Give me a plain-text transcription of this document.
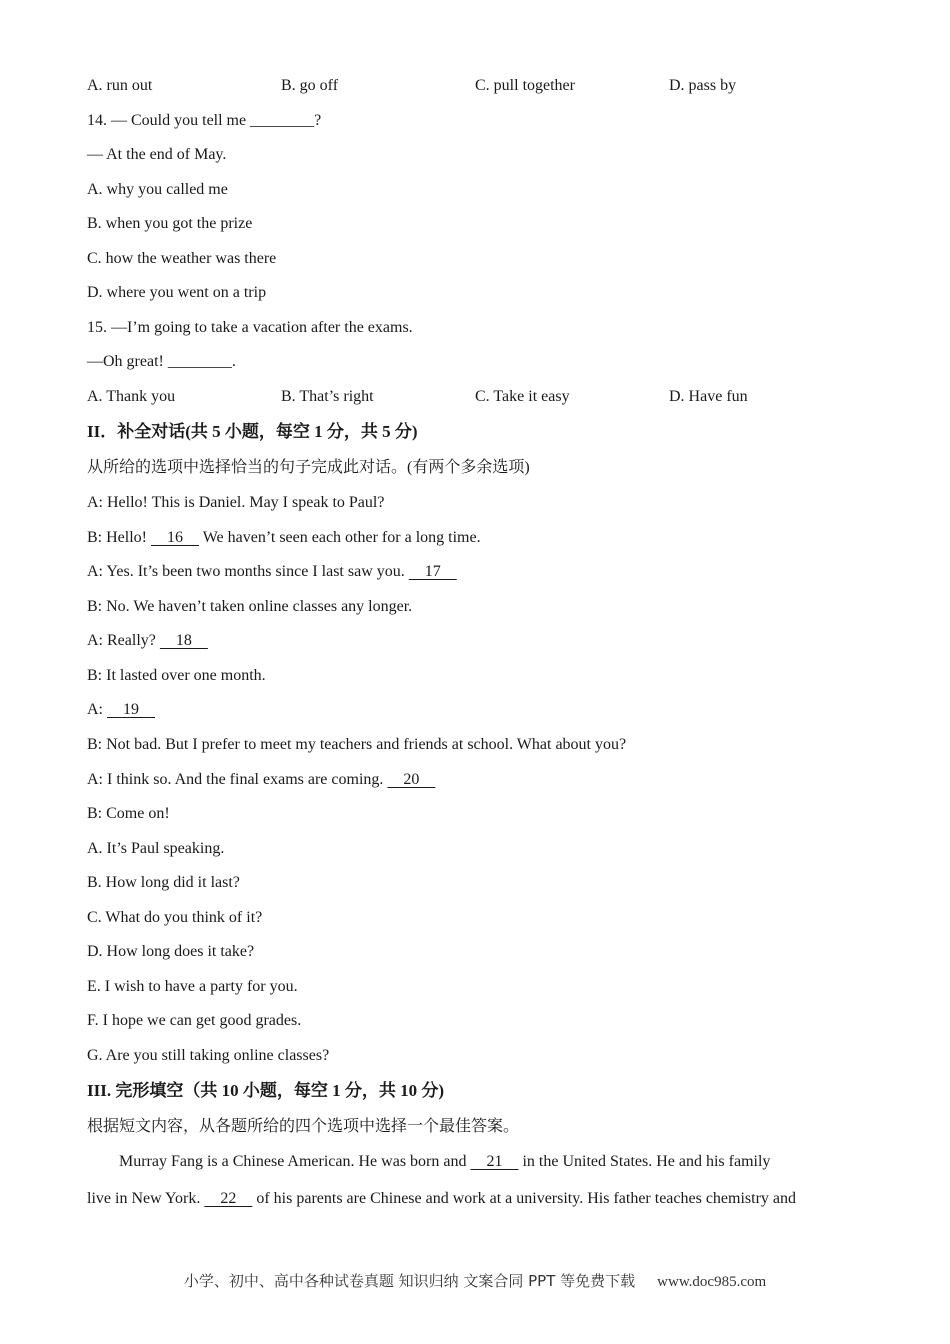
A. run out	B. go off	C. pull together	D. pass by
14. — Could you tell me ________?
— At the end of May.
A. why you called me
B. when you got the prize
C. how the weather was there
D. where you went on a trip
15. —I’m going to take a vacation after the exams.
—Oh great! ________.
A. Thank you	B. That’s right	C. Take it easy	D. Have fun
II．补全对话(共 5 小题，每空 1 分，共 5 分)
从所给的选项中选择恰当的句子完成此对话。(有两个多余选项)
A: Hello! This is Daniel. May I speak to Paul?
B: Hello!     16     We haven’t seen each other for a long time.
A: Yes. It’s been two months since I last saw you.     17
B: No. We haven’t taken online classes any longer.
A: Really?     18
B: It lasted over one month.
A:     19
B: Not bad. But I prefer to meet my teachers and friends at school. What about you?
A: I think so. And the final exams are coming.     20
B: Come on!
A. It’s Paul speaking.
B. How long did it last?
C. What do you think of it?
D. How long does it take?
E. I wish to have a party for you.
F. I hope we can get good grades.
G. Are you still taking online classes?
III. 完形填空（共 10 小题，每空 1 分，共 10 分)
根据短文内容，从各题所给的四个选项中选择一个最佳答案。
Murray Fang is a Chinese American. He was born and     21     in the United States. He and his family
live in New York.     22     of his parents are Chinese and work at a university. His father teaches chemistry and
小学、初中、高中各种试卷真题 知识归纳 文案合同 PPT 等免费下载 www.doc985.com
